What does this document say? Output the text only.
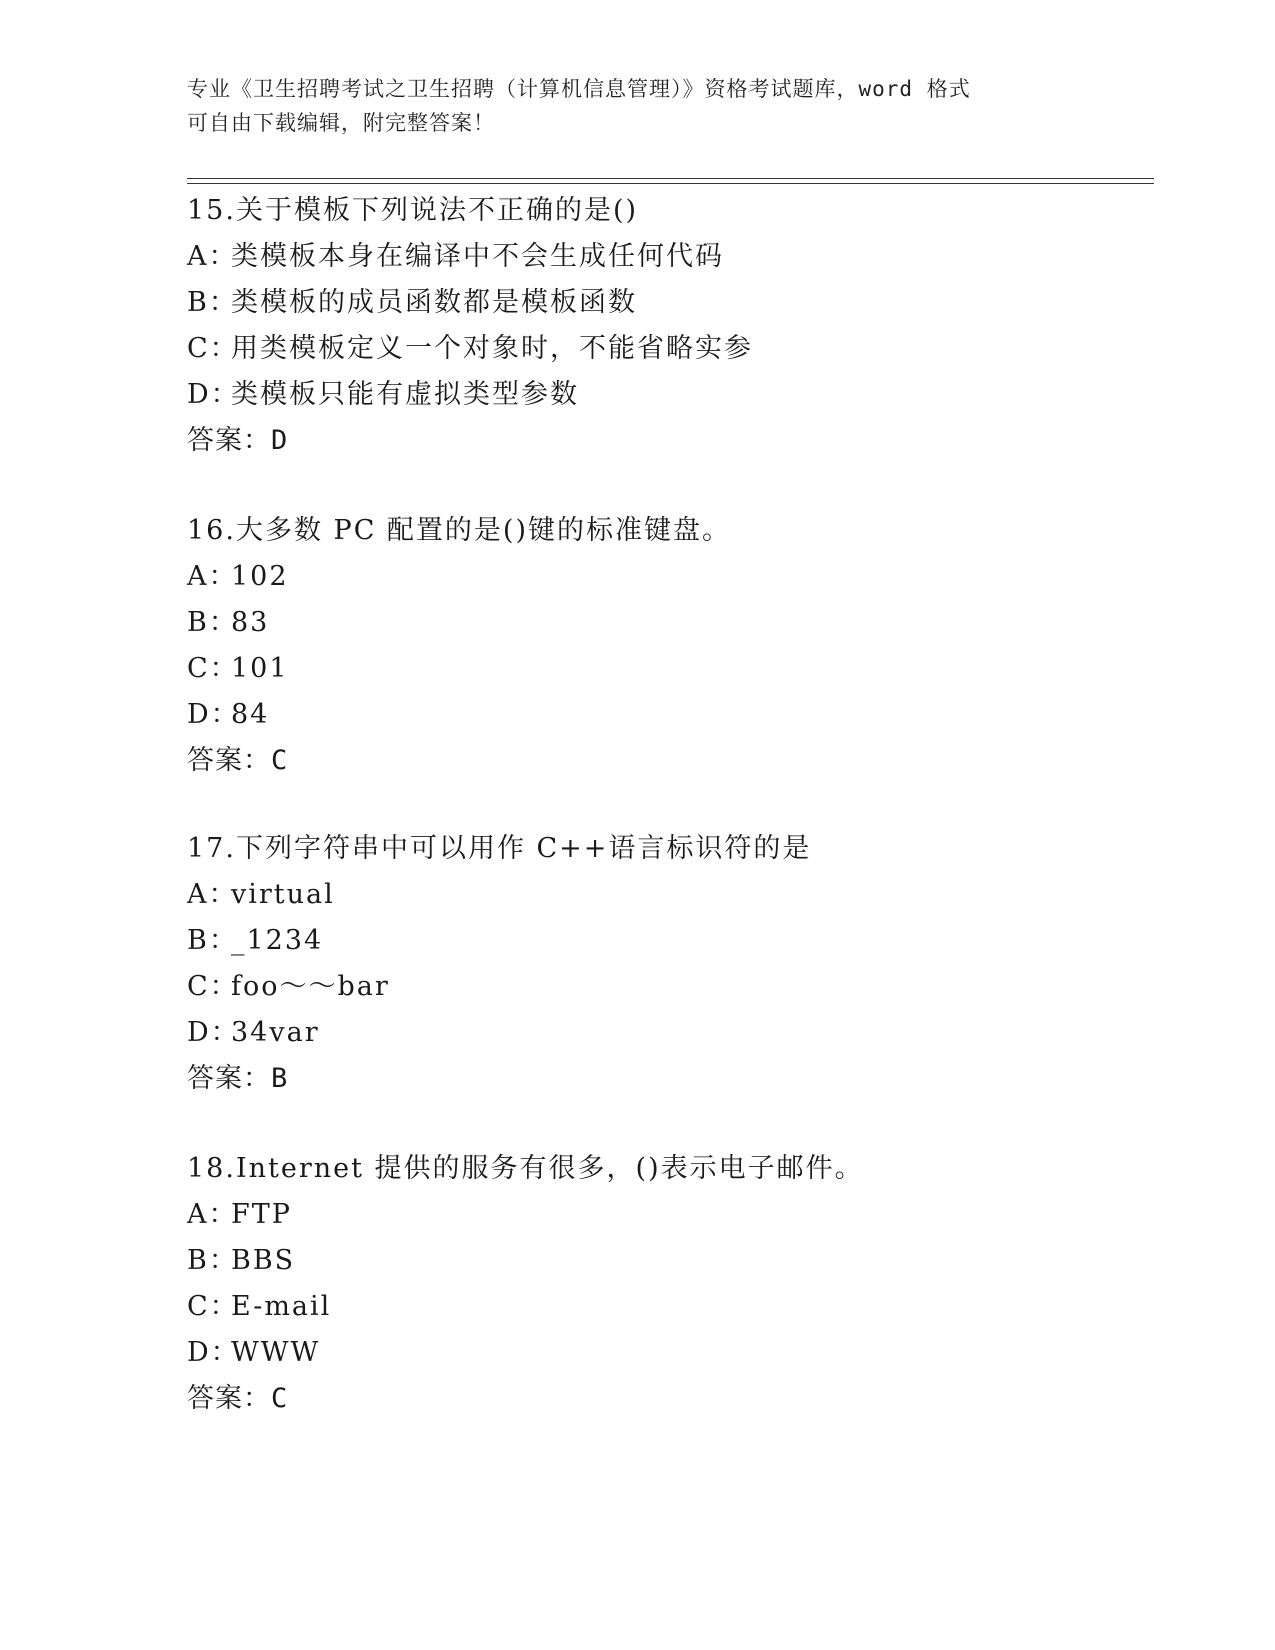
专业《卫生招聘考试之卫生招聘（计算机信息管理）》资格考试题库，word 格式
可自由下载编辑，附完整答案！
15.关于模板下列说法不正确的是()
A：类模板本身在编译中不会生成任何代码
B：类模板的成员函数都是模板函数
C：用类模板定义一个对象时，不能省略实参
D：类模板只能有虚拟类型参数
答案：D
16.大多数 PC 配置的是()键的标准键盘。
A：102
B：83
C：101
D：84
答案：C
17.下列字符串中可以用作 C++语言标识符的是
A：virtual
B：_1234
C：foo～～bar
D：34var
答案：B
18.Internet 提供的服务有很多，()表示电子邮件。
A：FTP
B：BBS
C：E-mail
D：WWW
答案：C
